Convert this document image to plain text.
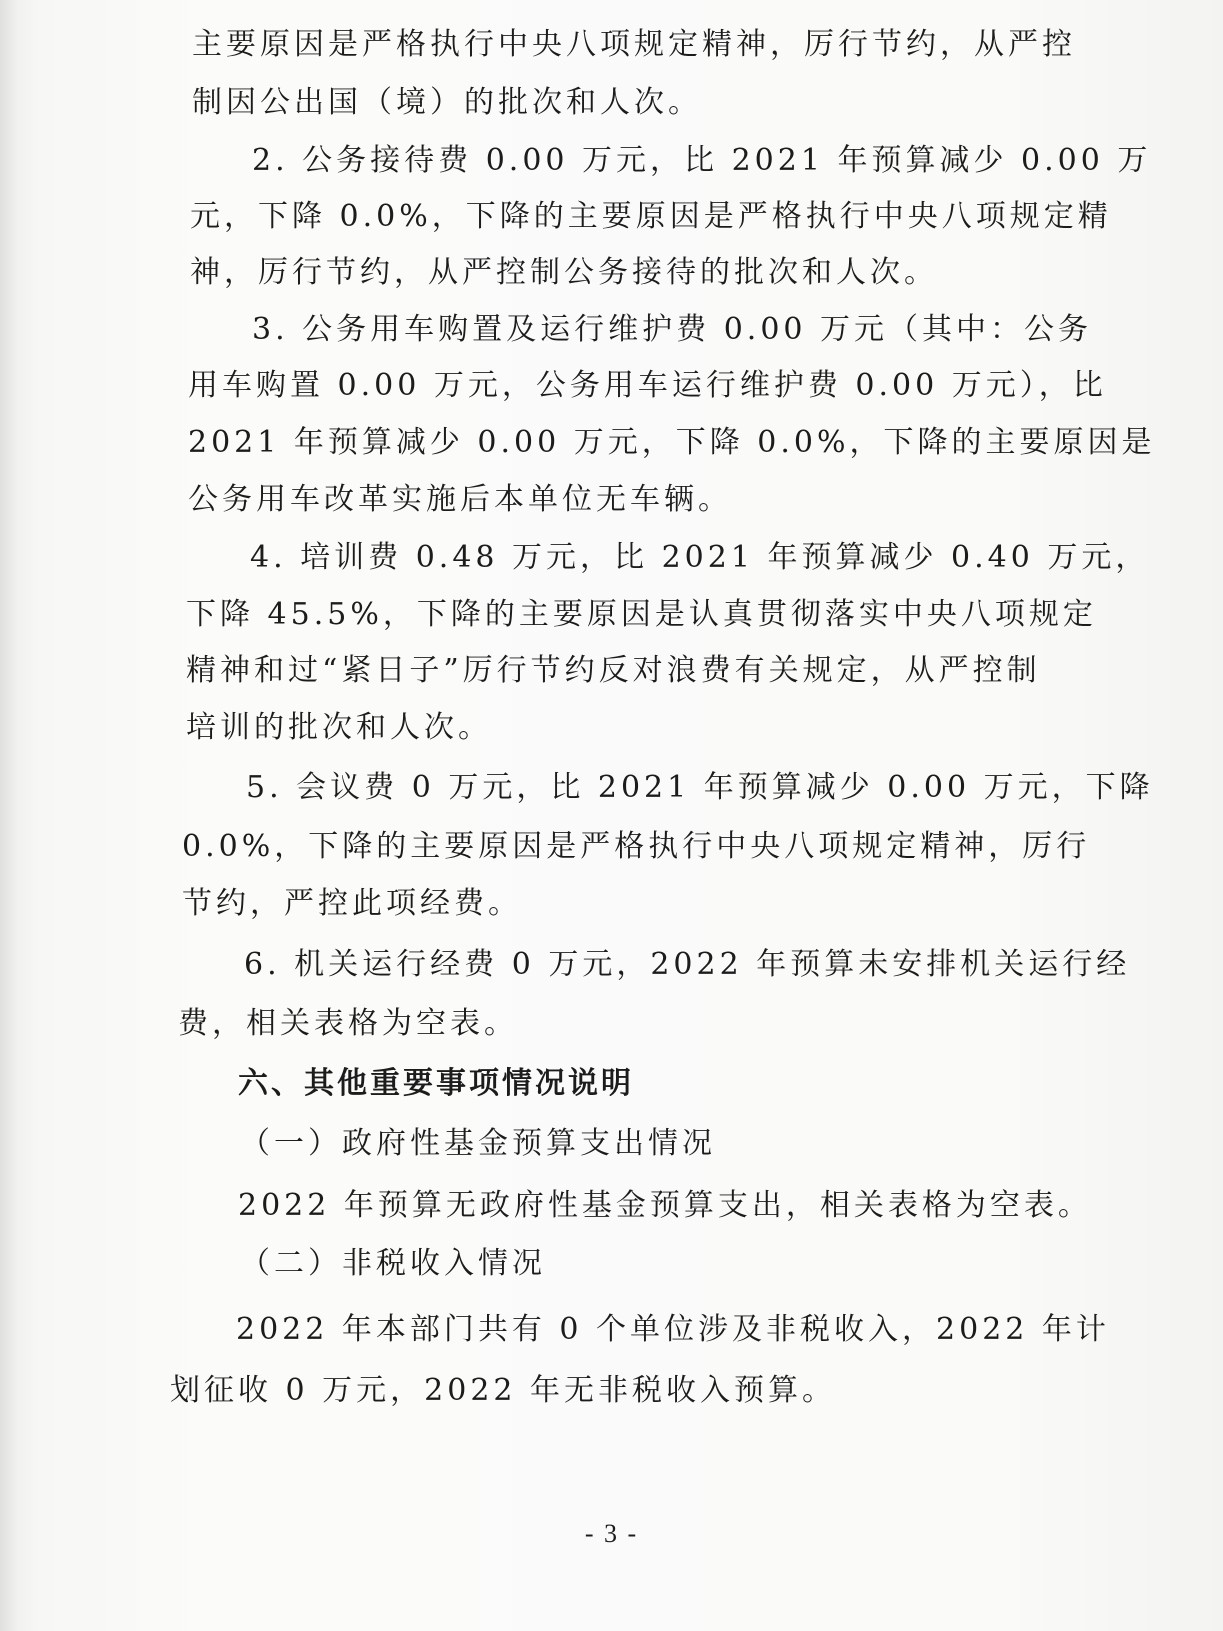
主要原因是严格执行中央八项规定精神，厉行节约，从严控
制因公出国（境）的批次和人次。
2. 公务接待费 0.00 万元，比 2021 年预算减少 0.00 万
元，下降 0.0%，下降的主要原因是严格执行中央八项规定精
神，厉行节约，从严控制公务接待的批次和人次。
3. 公务用车购置及运行维护费 0.00 万元（其中：公务
用车购置 0.00 万元，公务用车运行维护费 0.00 万元），比
2021 年预算减少 0.00 万元，下降 0.0%，下降的主要原因是
公务用车改革实施后本单位无车辆。
4. 培训费 0.48 万元，比 2021 年预算减少 0.40 万元，
下降 45.5%，下降的主要原因是认真贯彻落实中央八项规定
精神和过“紧日子”厉行节约反对浪费有关规定，从严控制
培训的批次和人次。
5. 会议费 0 万元，比 2021 年预算减少 0.00 万元，下降
0.0%，下降的主要原因是严格执行中央八项规定精神，厉行
节约，严控此项经费。
6. 机关运行经费 0 万元，2022 年预算未安排机关运行经
费，相关表格为空表。
六、其他重要事项情况说明
（一）政府性基金预算支出情况
2022 年预算无政府性基金预算支出，相关表格为空表。
（二）非税收入情况
2022 年本部门共有 0 个单位涉及非税收入，2022 年计
划征收 0 万元，2022 年无非税收入预算。
- 3 -
